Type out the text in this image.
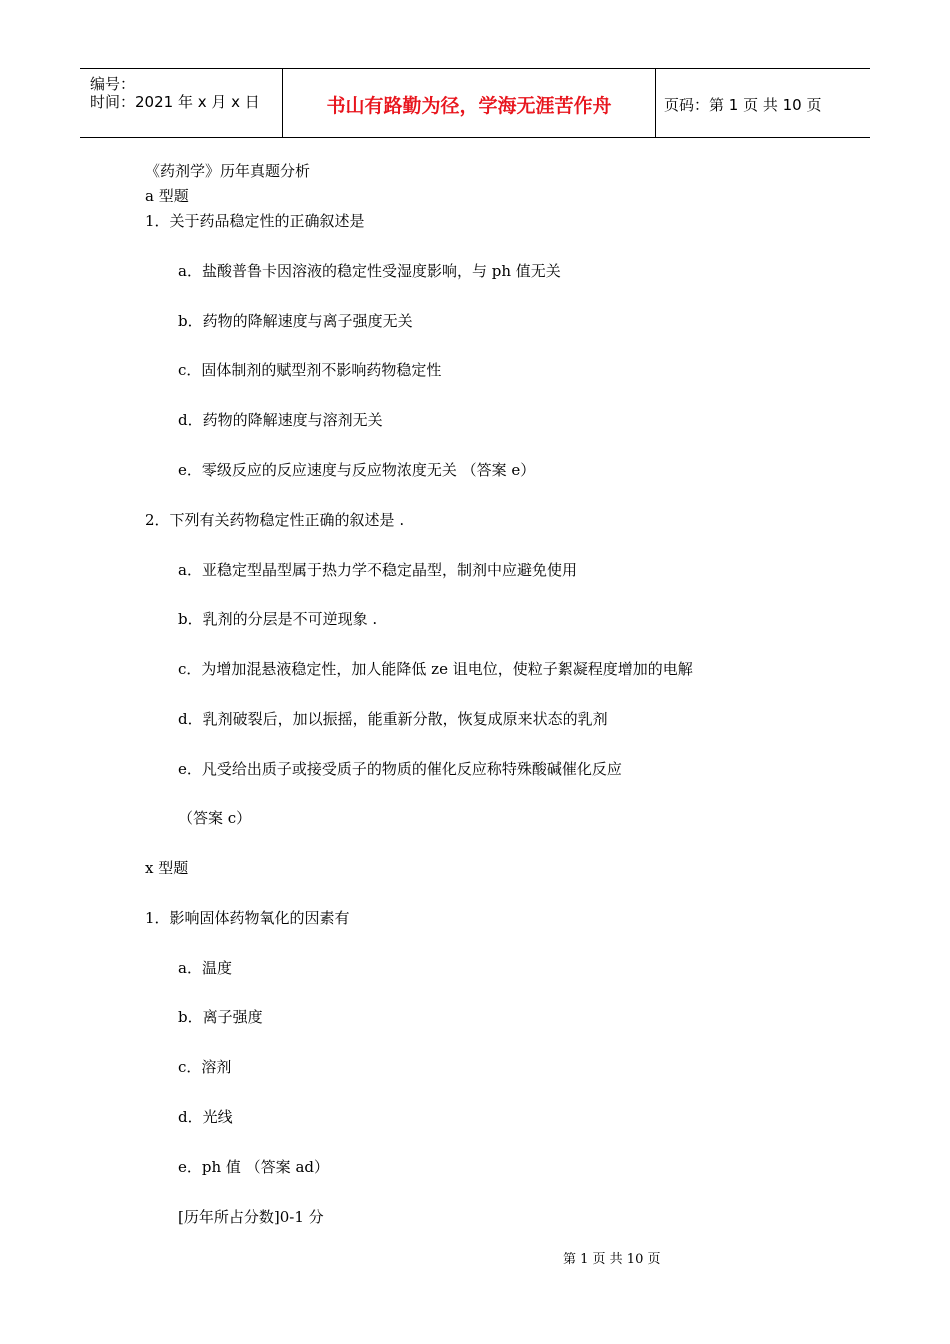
编号：
时间：2021 年 x 月 x 日	书山有路勤为径，学海无涯苦作舟	页码：第 1 页 共 10 页
《药剂学》历年真题分析
a 型题
1．关于药品稳定性的正确叙述是
a．盐酸普鲁卡因溶液的稳定性受湿度影响，与 ph 值无关
b．药物的降解速度与离子强度无关
c．固体制剂的赋型剂不影响药物稳定性
d．药物的降解速度与溶剂无关
e．零级反应的反应速度与反应物浓度无关 （答案 e）
2．下列有关药物稳定性正确的叙述是 .
a．亚稳定型晶型属于热力学不稳定晶型，制剂中应避免使用
b．乳剂的分层是不可逆现象 .
c．为增加混悬液稳定性，加人能降低 ze 诅电位，使粒子絮凝程度增加的电解
d．乳剂破裂后，加以振摇，能重新分散，恢复成原来状态的乳剂
e．凡受给出质子或接受质子的物质的催化反应称特殊酸碱催化反应
（答案 c）
x 型题
1．影响固体药物氧化的因素有
a．温度
b．离子强度
c．溶剂
d．光线
e．ph 值 （答案 ad）
[历年所占分数]0-1 分
第 1 页 共 10 页
